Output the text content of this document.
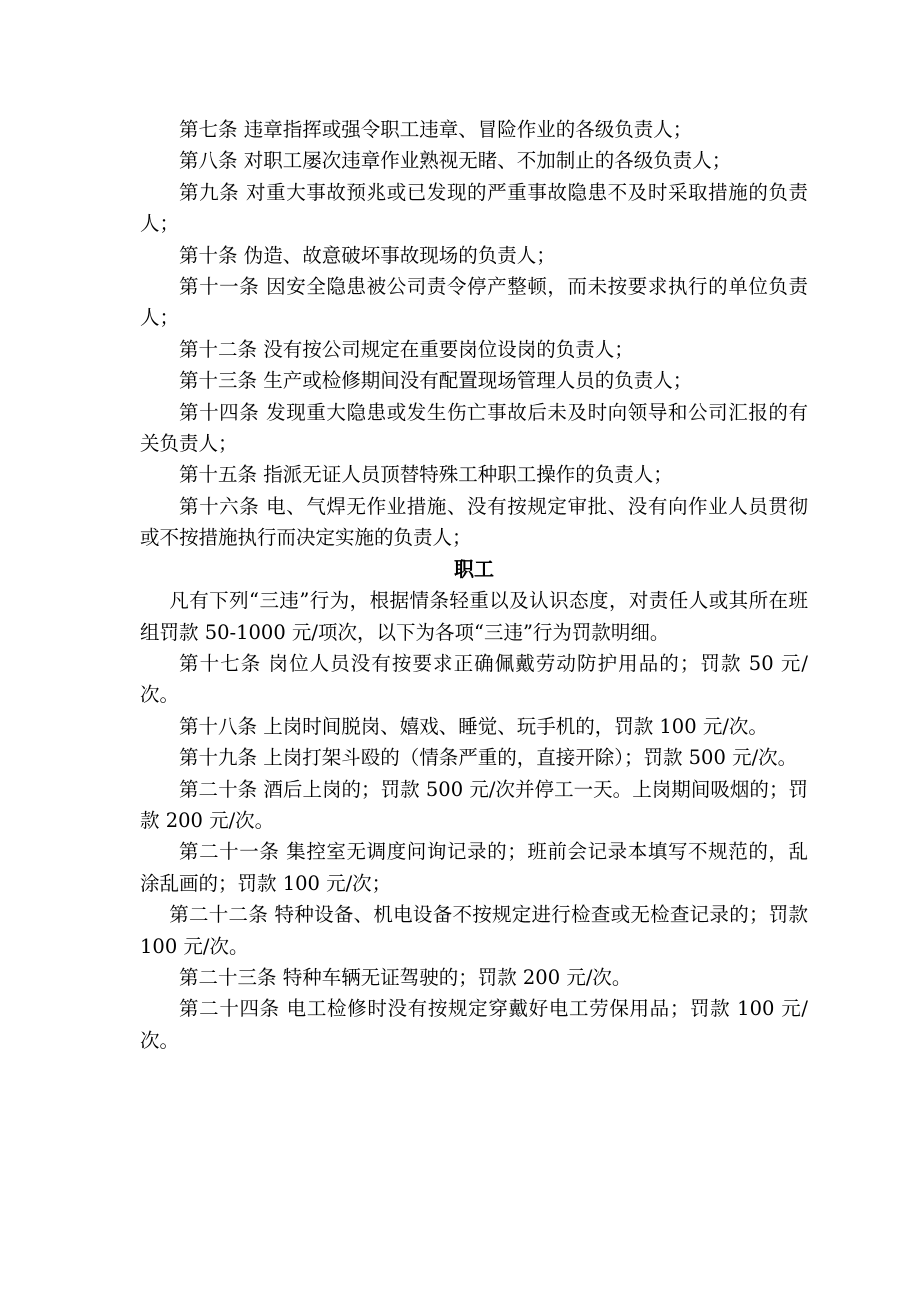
第七条 违章指挥或强令职工违章、冒险作业的各级负责人；

第八条 对职工屡次违章作业熟视无睹、不加制止的各级负责人；

第九条 对重大事故预兆或已发现的严重事故隐患不及时采取措施的负责人；

第十条 伪造、故意破坏事故现场的负责人；

第十一条 因安全隐患被公司责令停产整顿，而未按要求执行的单位负责人；

第十二条 没有按公司规定在重要岗位设岗的负责人；

第十三条 生产或检修期间没有配置现场管理人员的负责人；

第十四条 发现重大隐患或发生伤亡事故后未及时向领导和公司汇报的有关负责人；

第十五条 指派无证人员顶替特殊工种职工操作的负责人；

第十六条 电、气焊无作业措施、没有按规定审批、没有向作业人员贯彻或不按措施执行而决定实施的负责人；

职工

凡有下列“三违”行为，根据情条轻重以及认识态度，对责任人或其所在班组罚款 50-1000 元/项次，以下为各项“三违”行为罚款明细。

第十七条 岗位人员没有按要求正确佩戴劳动防护用品的；罚款 50 元/次。

第十八条 上岗时间脱岗、嬉戏、睡觉、玩手机的，罚款 100 元/次。

第十九条 上岗打架斗殴的（情条严重的，直接开除）；罚款 500 元/次。

第二十条 酒后上岗的；罚款 500 元/次并停工一天。上岗期间吸烟的；罚款 200 元/次。

第二十一条 集控室无调度问询记录的；班前会记录本填写不规范的，乱涂乱画的；罚款 100 元/次；

第二十二条 特种设备、机电设备不按规定进行检查或无检查记录的；罚款 100 元/次。

第二十三条 特种车辆无证驾驶的；罚款 200 元/次。

第二十四条 电工检修时没有按规定穿戴好电工劳保用品；罚款 100 元/次。
